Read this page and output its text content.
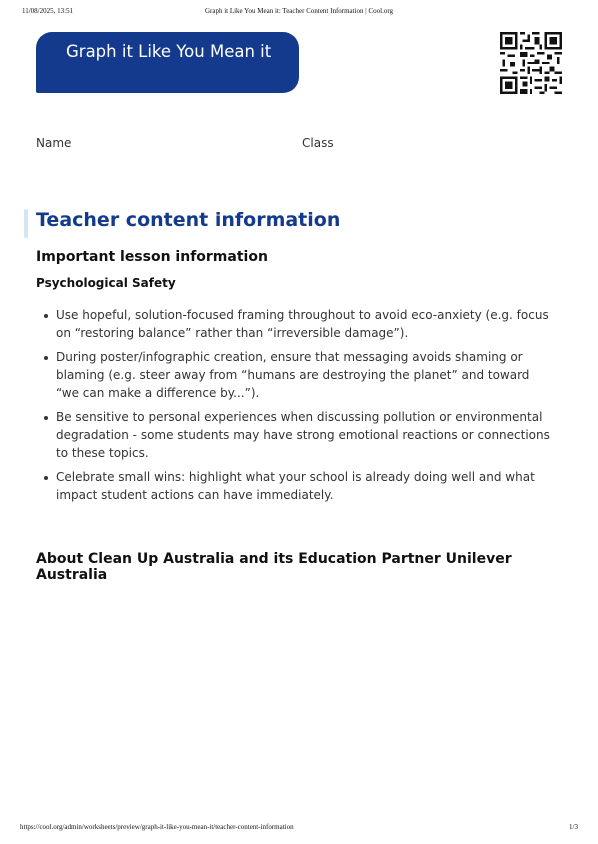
11/08/2025, 13:51	Graph it Like You Mean it: Teacher Content Information | Cool.org
Graph it Like You Mean it
Name	Class
Teacher content information
Important lesson information
Psychological Safety
Use hopeful, solution-focused framing throughout to avoid eco-anxiety (e.g. focus on “restoring balance” rather than “irreversible damage”).
During poster/infographic creation, ensure that messaging avoids shaming or blaming (e.g. steer away from “humans are destroying the planet” and toward “we can make a difference by...”).
Be sensitive to personal experiences when discussing pollution or environmental degradation - some students may have strong emotional reactions or connections to these topics.
Celebrate small wins: highlight what your school is already doing well and what impact student actions can have immediately.
About Clean Up Australia and its Education Partner Unilever Australia
https://cool.org/admin/worksheets/preview/graph-it-like-you-mean-it/teacher-content-information	1/3
